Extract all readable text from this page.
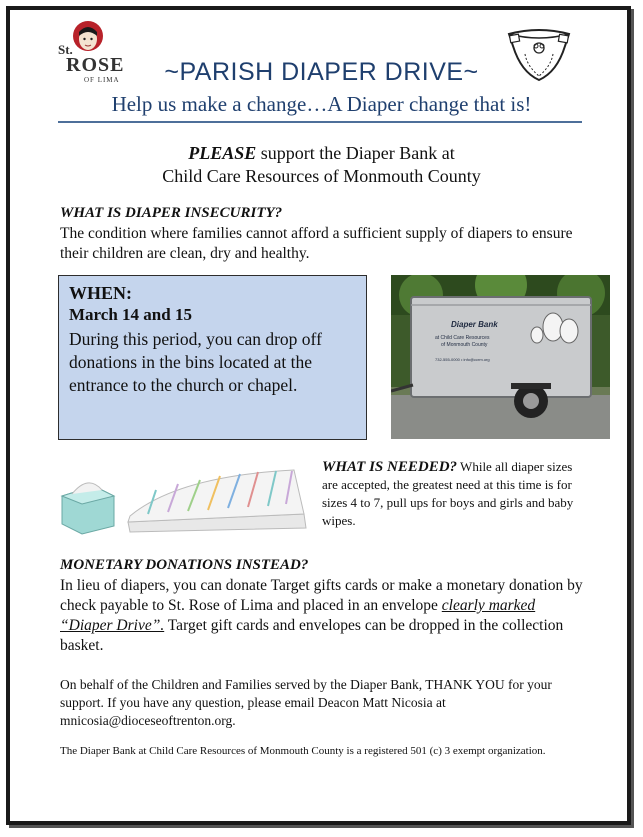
St.
ROSE
OF LIMA	~PARISH DIAPER DRIVE~
Help us make a change…A Diaper change that is!
PLEASE support the Diaper Bank at
Child Care Resources of Monmouth County
WHAT IS DIAPER INSECURITY?
The condition where families cannot afford a sufficient supply of diapers to ensure their children are clean, dry and healthy.
WHEN:
March 14 and 15
During this period, you can drop off donations in the bins located at the entrance to the church or chapel.
Diaper Bank
at Child Care Resources
of Monmouth County
732-555-0000 • info@ccrm.org
WHAT IS NEEDED? While all diaper sizes are accepted, the greatest need at this time is for sizes 4 to 7, pull ups for boys and girls and baby wipes.
MONETARY DONATIONS INSTEAD?
In lieu of diapers, you can donate Target gifts cards or make a monetary donation by check payable to St. Rose of Lima and placed in an envelope clearly marked “Diaper Drive”. Target gift cards and envelopes can be dropped in the collection basket.
On behalf of the Children and Families served by the Diaper Bank, THANK YOU for your support. If you have any question, please email Deacon Matt Nicosia at mnicosia@dioceseoftrenton.org.
The Diaper Bank at Child Care Resources of Monmouth County is a registered 501 (c) 3 exempt organization.
